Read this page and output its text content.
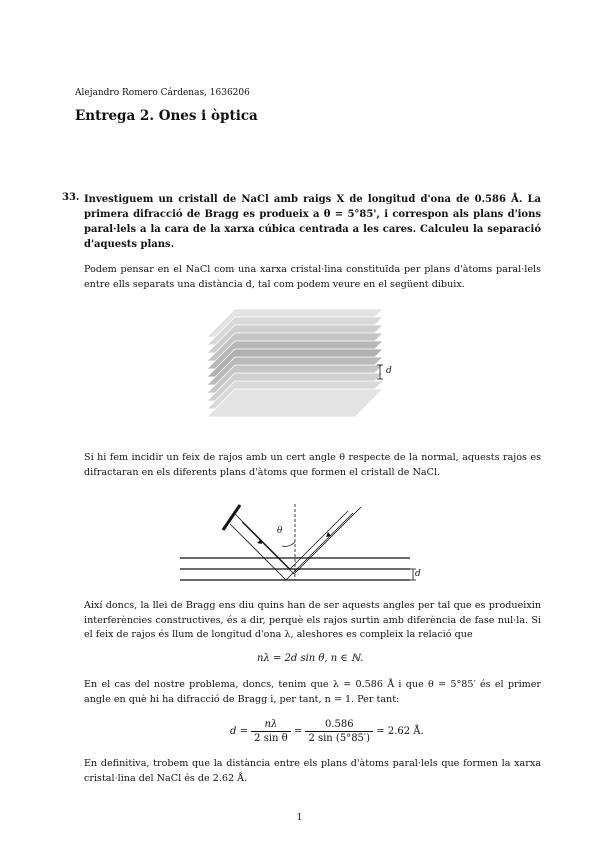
Alejandro Romero Cárdenas, 1636206
Entrega 2. Ones i òptica
33. Investiguem un cristall de NaCl amb raigs X de longitud d'ona de 0.586 Å. La primera difracció de Bragg es produeix a θ = 5°85', i correspon als plans d'ions paral·lels a la cara de la xarxa cúbica centrada a les cares. Calculeu la separació d'aquests plans.
Podem pensar en el NaCl com una xarxa cristal·lina constituïda per plans d'àtoms paral·lels entre ells separats una distància d, tal com podem veure en el següent dibuix.
d
Si hi fem incidir un feix de rajos amb un cert angle θ respecte de la normal, aquests rajos es difractaran en els diferents plans d'àtoms que formen el cristall de NaCl.
θ
d
Així doncs, la llei de Bragg ens diu quins han de ser aquests angles per tal que es produeixin interferències constructives, és a dir, perquè els rajos surtin amb diferència de fase nul·la. Si el feix de rajos és llum de longitud d'ona λ, aleshores es compleix la relació que
nλ = 2d sin θ, n ∈ ℕ.
En el cas del nostre problema, doncs, tenim que λ = 0.586 Å i que θ = 5°85′ és el primer angle en què hi ha difracció de Bragg i, per tant, n = 1. Per tant:
$d = \frac{n\lambda}{\text{2 sin θ}} = \frac{0.586}{2 \sin (5^\circ 85')} = 2.62$ Å.
En definitiva, trobem que la distància entre els plans d'àtoms paral·lels que formen la xarxa cristal·lina del NaCl és de 2.62 Å.
1
